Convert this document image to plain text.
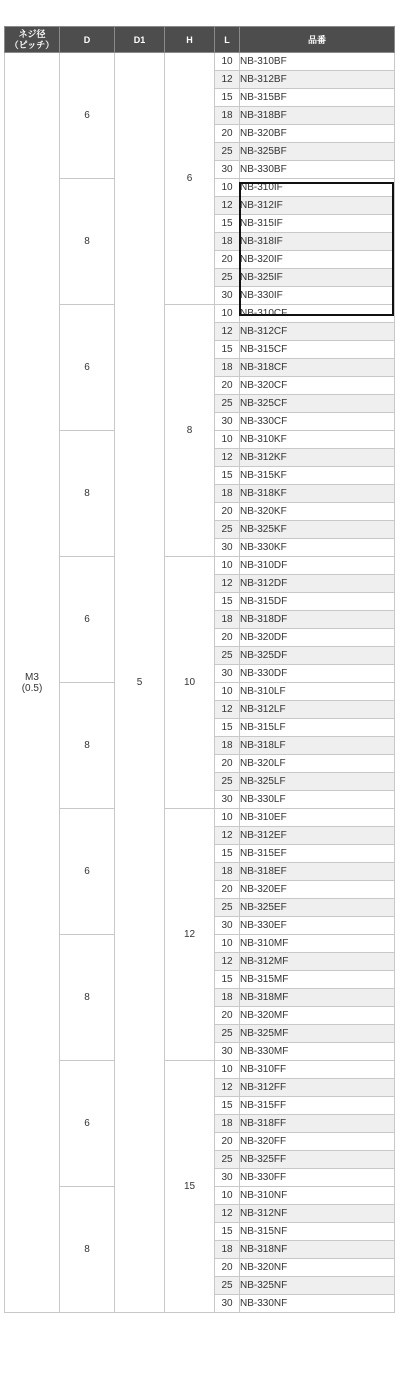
ネジ径
（ピッチ）	D	D1	H	L	品番

M3
(0.5)	6	5	6	10	NB-310BF
				12	NB-312BF
				15	NB-315BF
				18	NB-318BF
				20	NB-320BF
				25	NB-325BF
				30	NB-330BF
	8			10	NB-310IF
				12	NB-312IF
				15	NB-315IF
				18	NB-318IF
				20	NB-320IF
				25	NB-325IF
				30	NB-330IF
	6		8	10	NB-310CF
				12	NB-312CF
				15	NB-315CF
				18	NB-318CF
				20	NB-320CF
				25	NB-325CF
				30	NB-330CF
	8			10	NB-310KF
				12	NB-312KF
				15	NB-315KF
				18	NB-318KF
				20	NB-320KF
				25	NB-325KF
				30	NB-330KF
	6		10	10	NB-310DF
				12	NB-312DF
				15	NB-315DF
				18	NB-318DF
				20	NB-320DF
				25	NB-325DF
				30	NB-330DF
	8			10	NB-310LF
				12	NB-312LF
				15	NB-315LF
				18	NB-318LF
				20	NB-320LF
				25	NB-325LF
				30	NB-330LF
	6		12	10	NB-310EF
				12	NB-312EF
				15	NB-315EF
				18	NB-318EF
				20	NB-320EF
				25	NB-325EF
				30	NB-330EF
	8			10	NB-310MF
				12	NB-312MF
				15	NB-315MF
				18	NB-318MF
				20	NB-320MF
				25	NB-325MF
				30	NB-330MF
	6		15	10	NB-310FF
				12	NB-312FF
				15	NB-315FF
				18	NB-318FF
				20	NB-320FF
				25	NB-325FF
				30	NB-330FF
	8			10	NB-310NF
				12	NB-312NF
				15	NB-315NF
				18	NB-318NF
				20	NB-320NF
				25	NB-325NF
				30	NB-330NF
